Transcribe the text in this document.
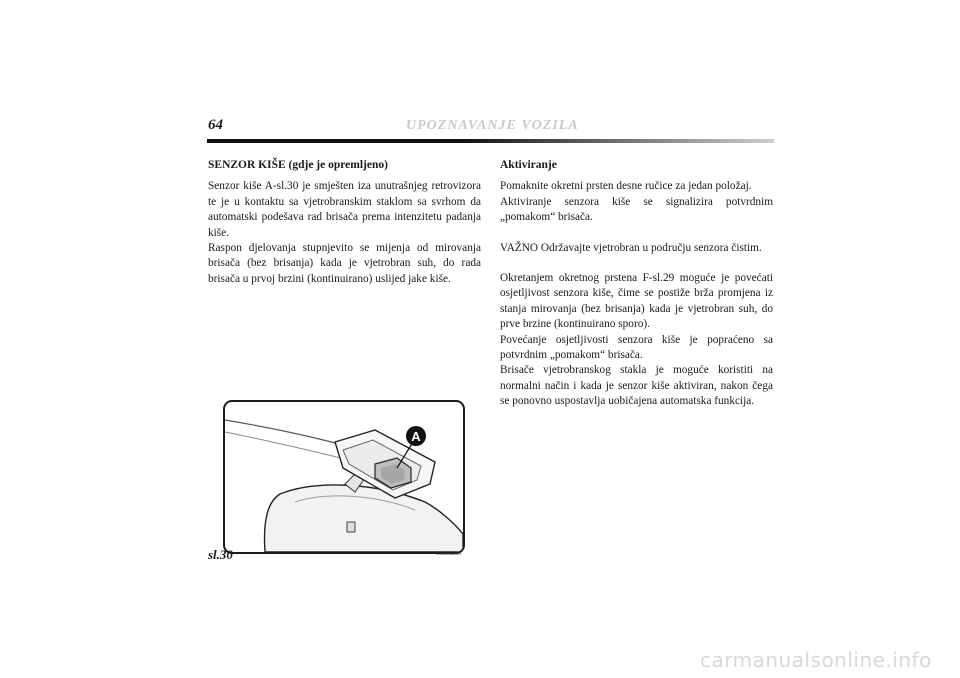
64	UPOZNAVANJE VOZILA

SENZOR KIŠE (gdje je opremljeno)

Senzor kiše A-sl.30 je smješten iza unutrašnjeg retrovizora te je u kontaktu sa vjetrobranskim staklom sa svrhom da automatski podešava rad brisača prema intenzitetu padanja kiše.

Raspon djelovanja stupnjevito se mijenja od mirovanja brisača (bez brisanja) kada je vjetrobran suh, do rada brisača u prvoj brzini (kontinuirano) uslijed jake kiše.

Aktiviranje

Pomaknite okretni prsten desne ručice za jedan položaj.

Aktiviranje senzora kiše se signalizira potvrdnim „pomakom“ brisača.

VAŽNO Održavajte vjetrobran u području senzora čistim.

Okretanjem okretnog prstena F-sl.29 moguće je povećati osjetljivost senzora kiše, čime se postiže brža promjena iz stanja mirovanja (bez brisanja) kada je vjetrobran suh, do prve brzine (kontinuirano sporo).

Povećanje osjetljivosti senzora kiše je popraćeno sa potvrdnim „pomakom“ brisača.

Brisače vjetrobranskog stakla je moguće koristiti na normalni način i kada je senzor kiše aktiviran, nakon čega se ponovno uspostavlja uobičajena automatska funkcija.

A
sl.30	L0E0023m
carmanualsonline.info
